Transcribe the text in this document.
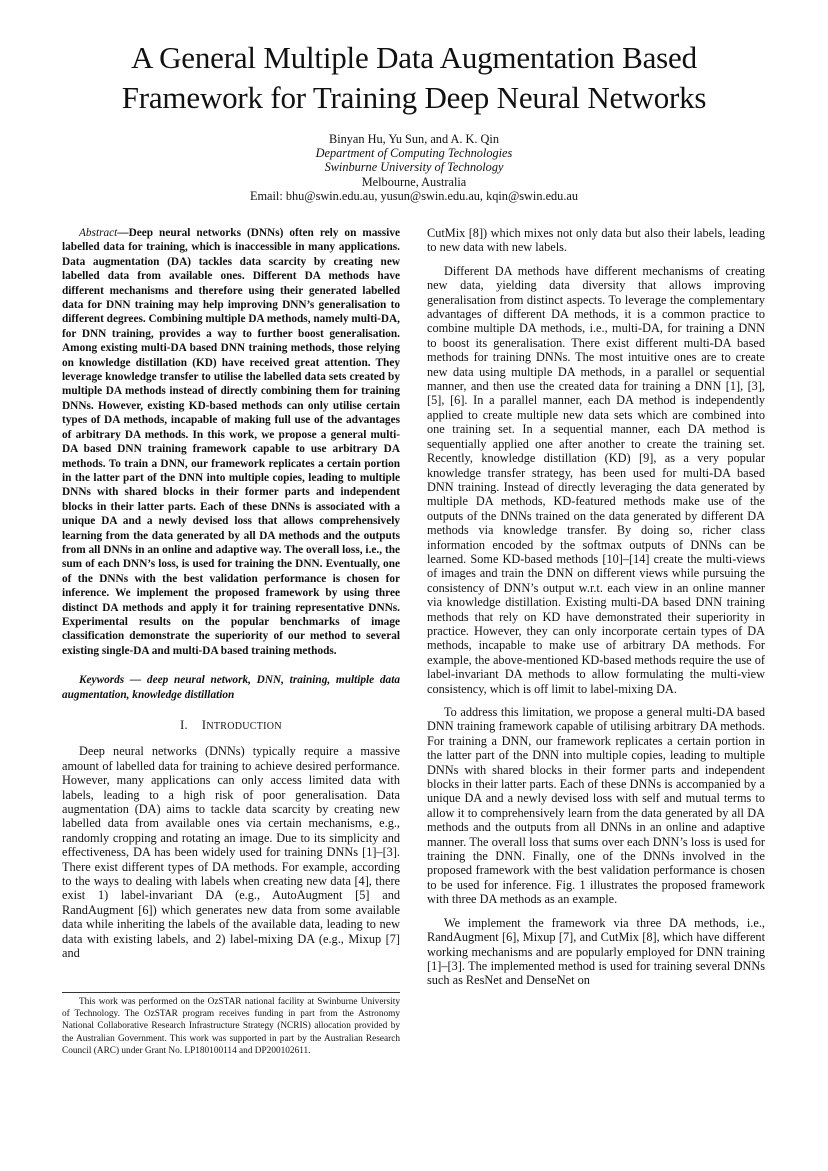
A General Multiple Data Augmentation Based
Framework for Training Deep Neural Networks
Binyan Hu, Yu Sun, and A. K. Qin
Department of Computing Technologies
Swinburne University of Technology
Melbourne, Australia
Email: bhu@swin.edu.au, yusun@swin.edu.au, kqin@swin.edu.au

Abstract—Deep neural networks (DNNs) often rely on massive labelled data for training, which is inaccessible in many applications. Data augmentation (DA) tackles data scarcity by creating new labelled data from available ones. Different DA methods have different mechanisms and therefore using their generated labelled data for DNN training may help improving DNN’s generalisation to different degrees. Combining multiple DA methods, namely multi-DA, for DNN training, provides a way to further boost generalisation. Among existing multi-DA based DNN training methods, those relying on knowledge distillation (KD) have received great attention. They leverage knowledge transfer to utilise the labelled data sets created by multiple DA methods instead of directly combining them for training DNNs. However, existing KD-based methods can only utilise certain types of DA methods, incapable of making full use of the advantages of arbitrary DA methods. In this work, we propose a general multi-DA based DNN training framework capable to use arbitrary DA methods. To train a DNN, our framework replicates a certain portion in the latter part of the DNN into multiple copies, leading to multiple DNNs with shared blocks in their former parts and independent blocks in their latter parts. Each of these DNNs is associated with a unique DA and a newly devised loss that allows comprehensively learning from the data generated by all DA methods and the outputs from all DNNs in an online and adaptive way. The overall loss, i.e., the sum of each DNN’s loss, is used for training the DNN. Eventually, one of the DNNs with the best validation performance is chosen for inference. We implement the proposed framework by using three distinct DA methods and apply it for training representative DNNs. Experimental results on the popular benchmarks of image classification demonstrate the superiority of our method to several existing single-DA and multi-DA based training methods.

Keywords — deep neural network, DNN, training, multiple data augmentation, knowledge distillation

I. INTRODUCTION

Deep neural networks (DNNs) typically require a massive amount of labelled data for training to achieve desired performance. However, many applications can only access limited data with labels, leading to a high risk of poor generalisation. Data augmentation (DA) aims to tackle data scarcity by creating new labelled data from available ones via certain mechanisms, e.g., randomly cropping and rotating an image. Due to its simplicity and effectiveness, DA has been widely used for training DNNs [1]–[3]. There exist different types of DA methods. For example, according to the ways to dealing with labels when creating new data [4], there exist 1) label-invariant DA (e.g., AutoAugment [5] and RandAugment [6]) which generates new data from some available data while inheriting the labels of the available data, leading to new data with existing labels, and 2) label-mixing DA (e.g., Mixup [7] and

This work was performed on the OzSTAR national facility at Swinburne University of Technology. The OzSTAR program receives funding in part from the Astronomy National Collaborative Research Infrastructure Strategy (NCRIS) allocation provided by the Australian Government. This work was supported in part by the Australian Research Council (ARC) under Grant No. LP180100114 and DP200102611.

CutMix [8]) which mixes not only data but also their labels, leading to new data with new labels.

Different DA methods have different mechanisms of creating new data, yielding data diversity that allows improving generalisation from distinct aspects. To leverage the complementary advantages of different DA methods, it is a common practice to combine multiple DA methods, i.e., multi-DA, for training a DNN to boost its generalisation. There exist different multi-DA based methods for training DNNs. The most intuitive ones are to create new data using multiple DA methods, in a parallel or sequential manner, and then use the created data for training a DNN [1], [3], [5], [6]. In a parallel manner, each DA method is independently applied to create multiple new data sets which are combined into one training set. In a sequential manner, each DA method is sequentially applied one after another to create the training set. Recently, knowledge distillation (KD) [9], as a very popular knowledge transfer strategy, has been used for multi-DA based DNN training. Instead of directly leveraging the data generated by multiple DA methods, KD-featured methods make use of the outputs of the DNNs trained on the data generated by different DA methods via knowledge transfer. By doing so, richer class information encoded by the softmax outputs of DNNs can be learned. Some KD-based methods [10]–[14] create the multi-views of images and train the DNN on different views while pursuing the consistency of DNN’s output w.r.t. each view in an online manner via knowledge distillation. Existing multi-DA based DNN training methods that rely on KD have demonstrated their superiority in practice. However, they can only incorporate certain types of DA methods, incapable to make use of arbitrary DA methods. For example, the above-mentioned KD-based methods require the use of label-invariant DA methods to allow formulating the multi-view consistency, which is off limit to label-mixing DA.

To address this limitation, we propose a general multi-DA based DNN training framework capable of utilising arbitrary DA methods. For training a DNN, our framework replicates a certain portion in the latter part of the DNN into multiple copies, leading to multiple DNNs with shared blocks in their former parts and independent blocks in their latter parts. Each of these DNNs is accompanied by a unique DA and a newly devised loss with self and mutual terms to allow it to comprehensively learn from the data generated by all DA methods and the outputs from all DNNs in an online and adaptive manner. The overall loss that sums over each DNN’s loss is used for training the DNN. Finally, one of the DNNs involved in the proposed framework with the best validation performance is chosen to be used for inference. Fig. 1 illustrates the proposed framework with three DA methods as an example.

We implement the framework via three DA methods, i.e., RandAugment [6], Mixup [7], and CutMix [8], which have different working mechanisms and are popularly employed for DNN training [1]–[3]. The implemented method is used for training several DNNs such as ResNet and DenseNet on
